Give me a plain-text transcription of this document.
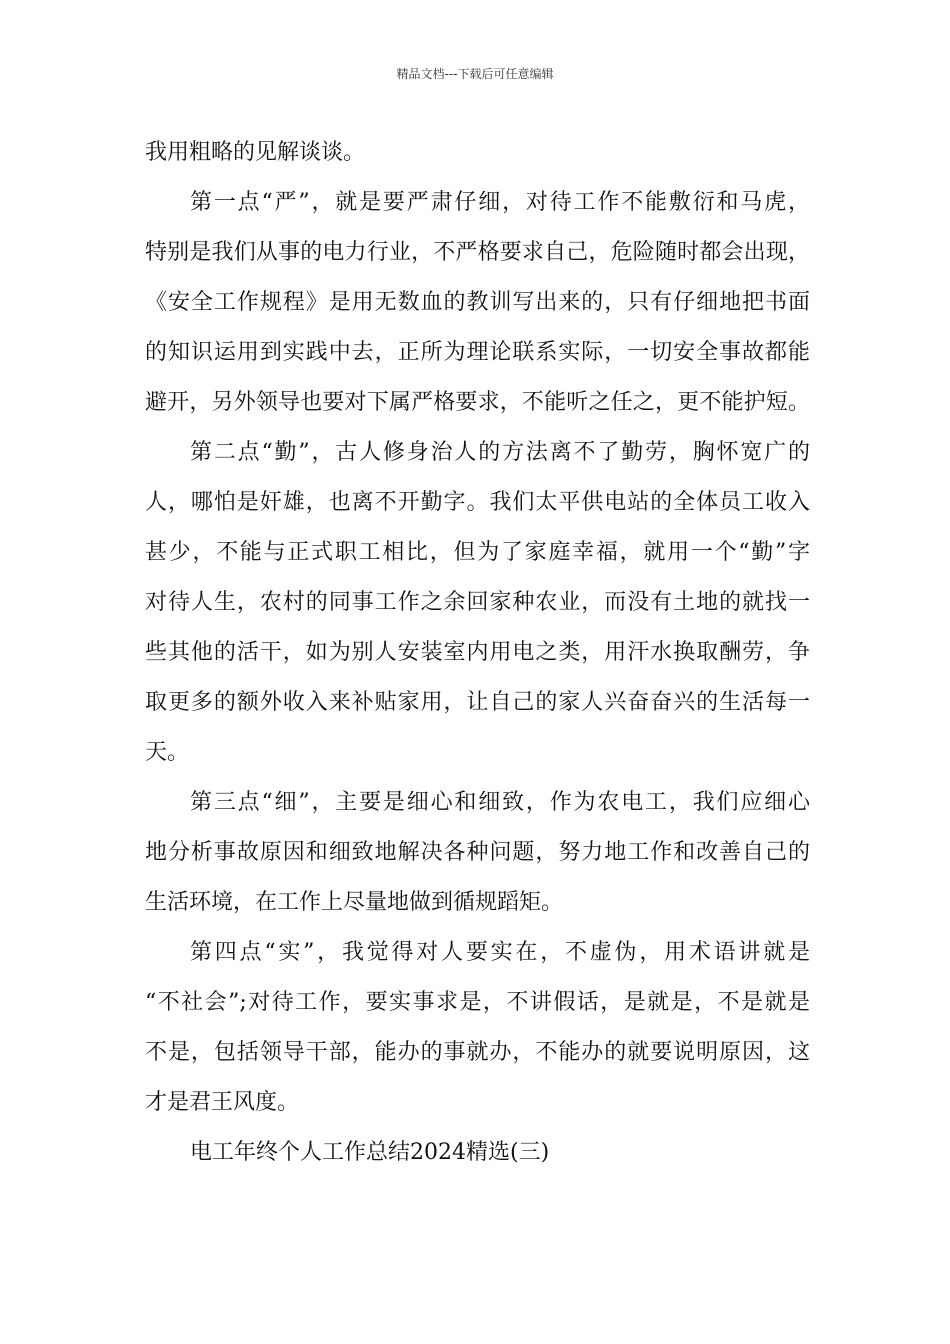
精品文档---下载后可任意编辑
我用粗略的见解谈谈。
第一点“严”，就是要严肃仔细，对待工作不能敷衍和马虎，
特别是我们从事的电力行业，不严格要求自己，危险随时都会出现，
《安全工作规程》是用无数血的教训写出来的，只有仔细地把书面
的知识运用到实践中去，正所为理论联系实际，一切安全事故都能
避开，另外领导也要对下属严格要求，不能听之任之，更不能护短。
第二点“勤”，古人修身治人的方法离不了勤劳，胸怀宽广的
人，哪怕是奸雄，也离不开勤字。我们太平供电站的全体员工收入
甚少，不能与正式职工相比，但为了家庭幸福，就用一个“勤”字
对待人生，农村的同事工作之余回家种农业，而没有土地的就找一
些其他的活干，如为别人安装室内用电之类，用汗水换取酬劳，争
取更多的额外收入来补贴家用，让自己的家人兴奋奋兴的生活每一
天。
第三点“细”，主要是细心和细致，作为农电工，我们应细心
地分析事故原因和细致地解决各种问题，努力地工作和改善自己的
生活环境，在工作上尽量地做到循规蹈矩。
第四点“实”，我觉得对人要实在，不虚伪，用术语讲就是
“不社会”;对待工作，要实事求是，不讲假话，是就是，不是就是
不是，包括领导干部，能办的事就办，不能办的就要说明原因，这
才是君王风度。
电工年终个人工作总结2024精选(三)
